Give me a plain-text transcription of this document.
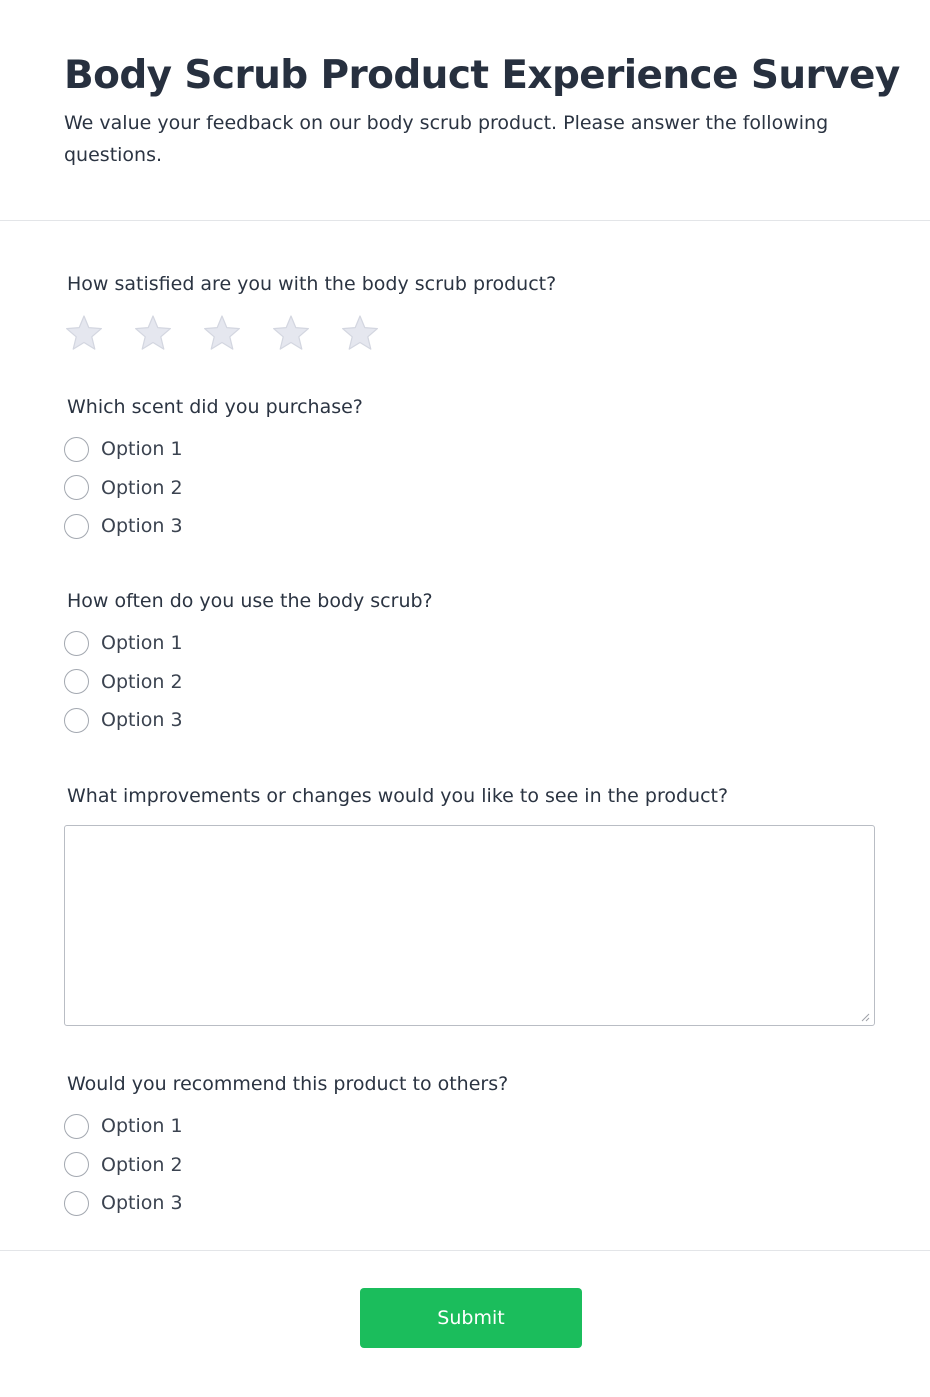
Body Scrub Product Experience Survey
We value your feedback on our body scrub product. Please answer the following questions.
How satisfied are you with the body scrub product?
Which scent did you purchase?
Option 1
Option 2
Option 3
How often do you use the body scrub?
Option 1
Option 2
Option 3
What improvements or changes would you like to see in the product?
Would you recommend this product to others?
Option 1
Option 2
Option 3
Submit
